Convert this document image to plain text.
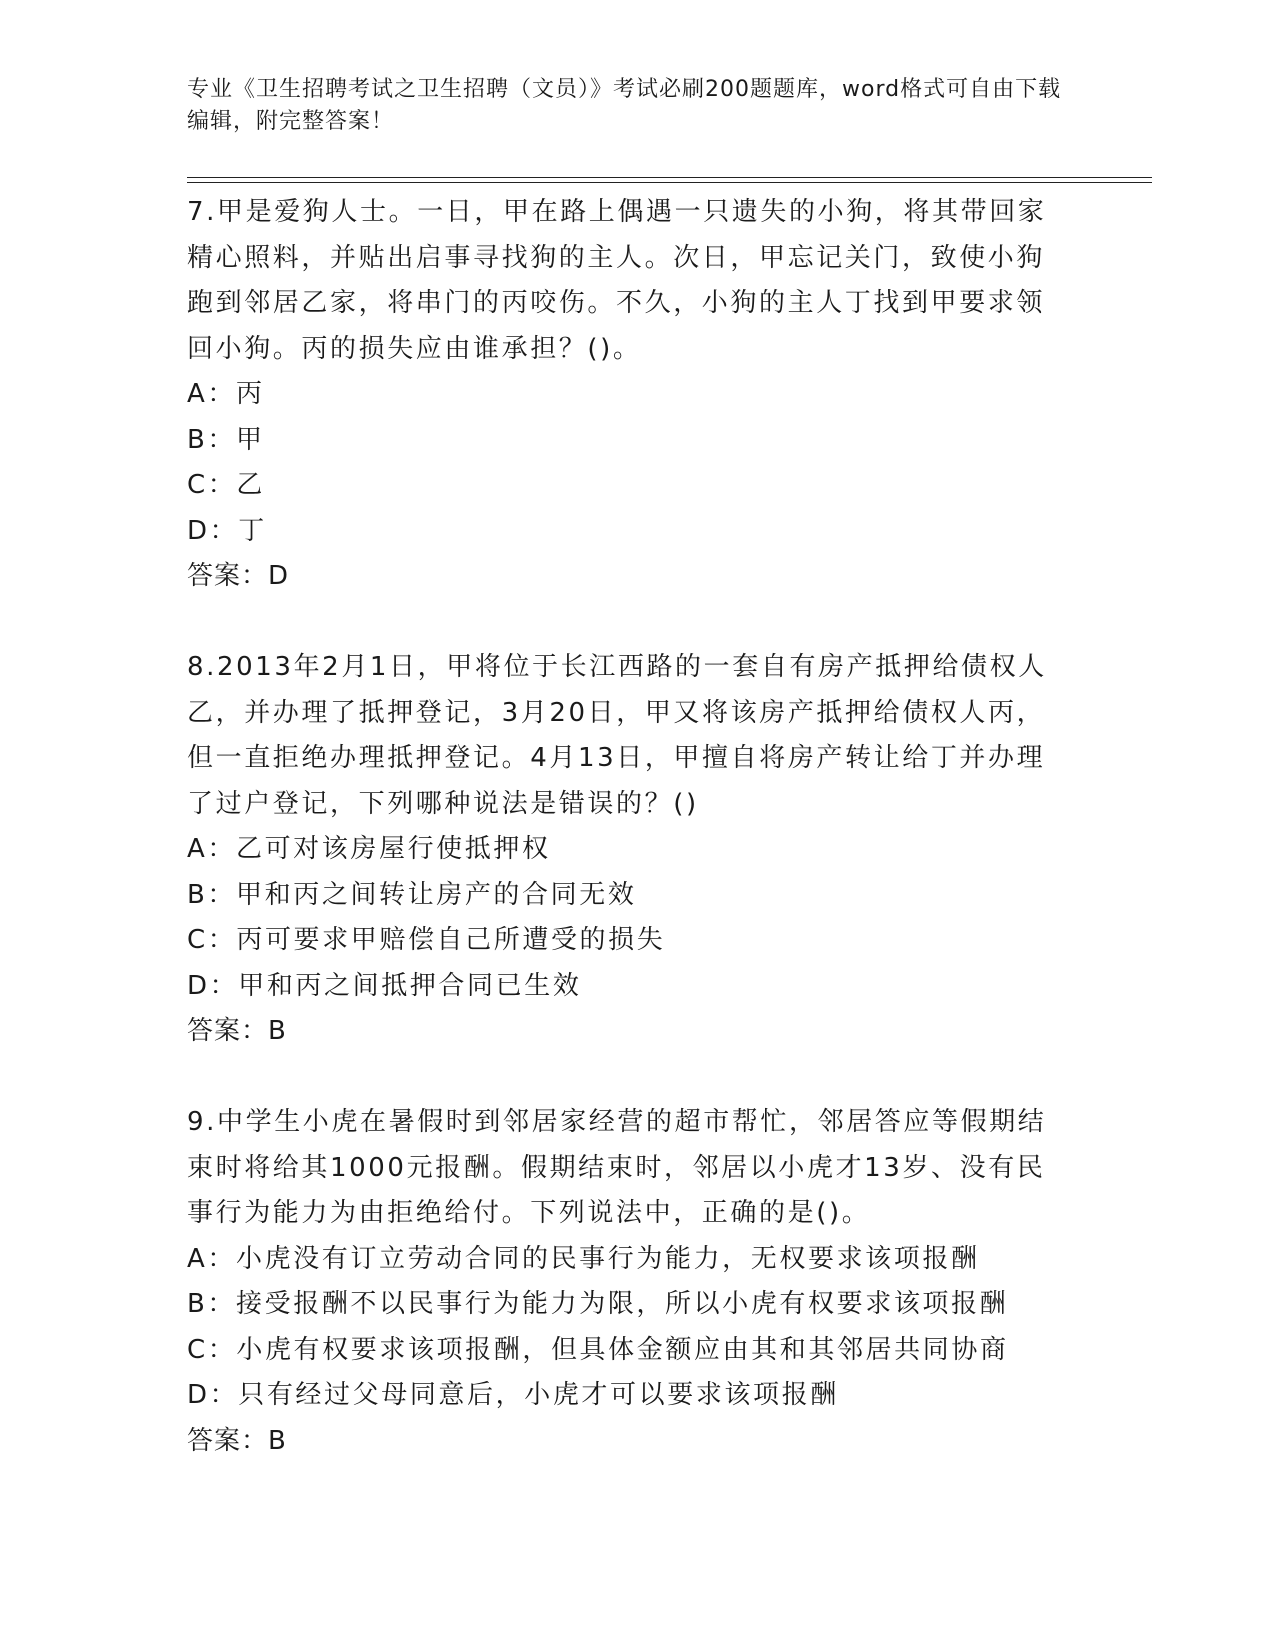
专业《卫生招聘考试之卫生招聘（文员）》考试必刷200题题库，word格式可自由下载编辑，附完整答案！

7.甲是爱狗人士。一日，甲在路上偶遇一只遗失的小狗，将其带回家精心照料，并贴出启事寻找狗的主人。次日，甲忘记关门，致使小狗跑到邻居乙家，将串门的丙咬伤。不久，小狗的主人丁找到甲要求领回小狗。丙的损失应由谁承担？()。

A：丙

B：甲

C：乙

D：丁

答案：D

8.2013年2月1日，甲将位于长江西路的一套自有房产抵押给债权人乙，并办理了抵押登记，3月20日，甲又将该房产抵押给债权人丙，但一直拒绝办理抵押登记。4月13日，甲擅自将房产转让给丁并办理了过户登记，下列哪种说法是错误的？()

A：乙可对该房屋行使抵押权

B：甲和丙之间转让房产的合同无效

C：丙可要求甲赔偿自己所遭受的损失

D：甲和丙之间抵押合同已生效

答案：B

9.中学生小虎在暑假时到邻居家经营的超市帮忙，邻居答应等假期结束时将给其1000元报酬。假期结束时，邻居以小虎才13岁、没有民事行为能力为由拒绝给付。下列说法中，正确的是()。

A：小虎没有订立劳动合同的民事行为能力，无权要求该项报酬

B：接受报酬不以民事行为能力为限，所以小虎有权要求该项报酬

C：小虎有权要求该项报酬，但具体金额应由其和其邻居共同协商

D：只有经过父母同意后，小虎才可以要求该项报酬

答案：B
